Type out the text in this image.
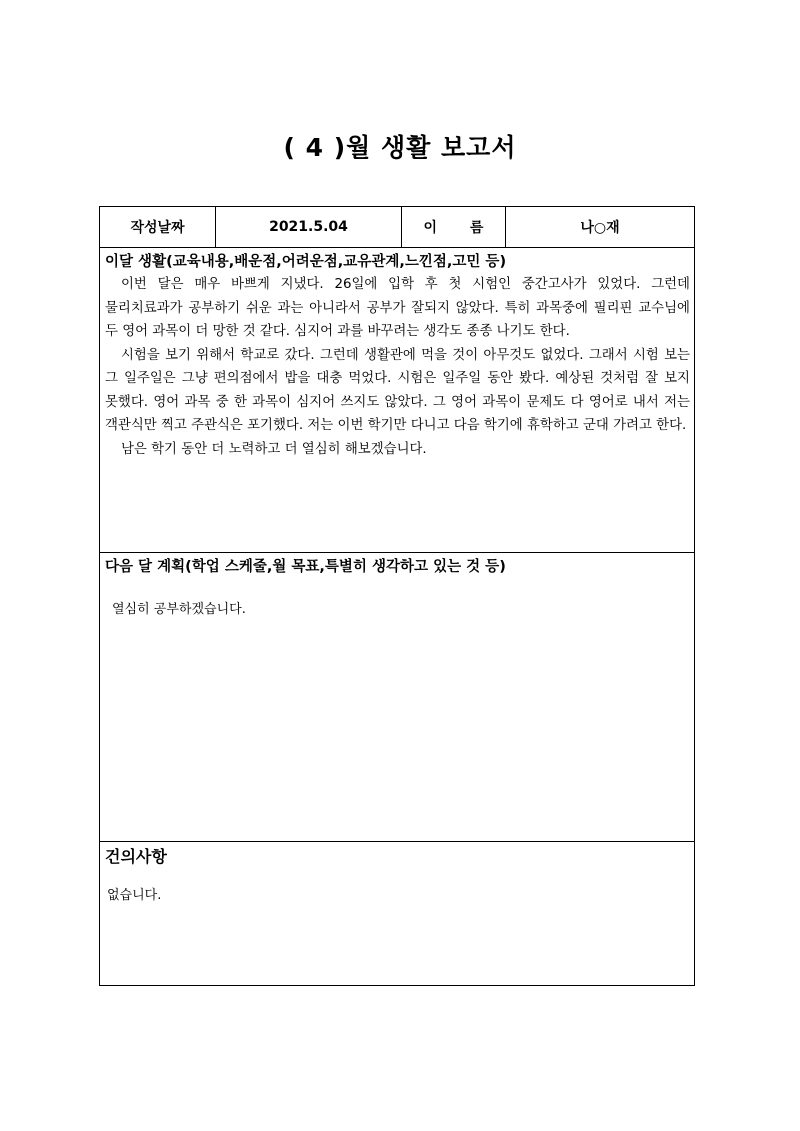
( 4 )월 생활 보고서
작성날짜	2021.5.04	이 름	나○재
이달 생활(교육내용,배운점,어려운점,교유관계,느낀점,고민 등)

이번 달은 매우 바쁘게 지냈다. 26일에 입학 후 첫 시험인 중간고사가 있었다. 그런데 물리치료과가 공부하기 쉬운 과는 아니라서 공부가 잘되지 않았다. 특히 과목중에 필리핀 교수님에 두 영어 과목이 더 망한 것 같다. 심지어 과를 바꾸려는 생각도 종종 나기도 한다.

시험을 보기 위해서 학교로 갔다. 그런데 생활관에 먹을 것이 아무것도 없었다. 그래서 시험 보는 그 일주일은 그냥 편의점에서 밥을 대충 먹었다. 시험은 일주일 동안 봤다. 예상된 것처럼 잘 보지 못했다. 영어 과목 중 한 과목이 심지어 쓰지도 않았다. 그 영어 과목이 문제도 다 영어로 내서 저는 객관식만 찍고 주관식은 포기했다. 저는 이번 학기만 다니고 다음 학기에 휴학하고 군대 가려고 한다.

남은 학기 동안 더 노력하고 더 열심히 해보겠습니다.

다음 달 계획(학업 스케줄,월 목표,특별히 생각하고 있는 것 등)
열심히 공부하겠습니다.
건의사항
없습니다.
